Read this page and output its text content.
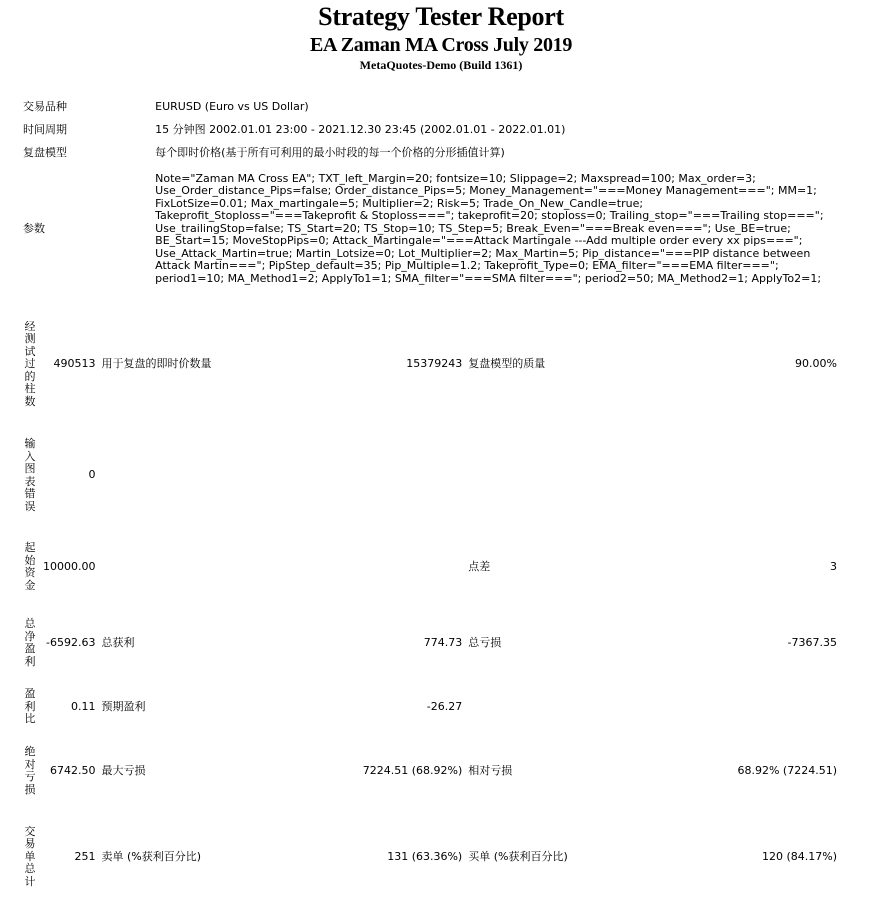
Strategy Tester Report
EA Zaman MA Cross July 2019
MetaQuotes-Demo (Build 1361)
交易品种	EURUSD (Euro vs US Dollar)
时间周期	15 分钟图 2002.01.01 23:00 - 2021.12.30 23:45 (2002.01.01 - 2022.01.01)
复盘模型	每个即时价格(基于所有可利用的最小时段的每一个价格的分形插值计算)
参数	Note="Zaman MA Cross EA"; TXT_left_Margin=20; fontsize=10; Slippage=2; Maxspread=100; Max_order=3; Use_Order_distance_Pips=false; Order_distance_Pips=5; Money_Management="===Money Management==="; MM=1; FixLotSize=0.01; Max_martingale=5; Multiplier=2; Risk=5; Trade_On_New_Candle=true; Takeprofit_Stoploss="===Takeprofit & Stoploss==="; takeprofit=20; stoploss=0; Trailing_stop="===Trailing stop==="; Use_trailingStop=false; TS_Start=20; TS_Stop=10; TS_Step=5; Break_Even="===Break even==="; Use_BE=true; BE_Start=15; MoveStopPips=0; Attack_Martingale="===Attack Martingale ---Add multiple order every xx pips==="; Use_Attack_Martin=true; Martin_Lotsize=0; Lot_Multiplier=2; Max_Martin=5; Pip_distance="===PIP distance between Attack Martin==="; PipStep_default=35; Pip_Multiple=1.2; Takeprofit_Type=0; EMA_filter="===EMA filter==="; period1=10; MA_Method1=2; ApplyTo1=1; SMA_filter="===SMA filter==="; period2=50; MA_Method2=1; ApplyTo2=1;
经测试过的柱数	490513	用于复盘的即时价数量	15379243	复盘模型的质量	90.00%
输入图表错误	0				
起始资金	10000.00			点差	3
总净盈利	-6592.63	总获利	774.73	总亏损	-7367.35
盈利比	0.11	预期盈利	-26.27		
绝对亏损	6742.50	最大亏损	7224.51 (68.92%)	相对亏损	68.92% (7224.51)
交易单总计	251	卖单 (%获利百分比)	131 (63.36%)	买单 (%获利百分比)	120 (84.17%)
